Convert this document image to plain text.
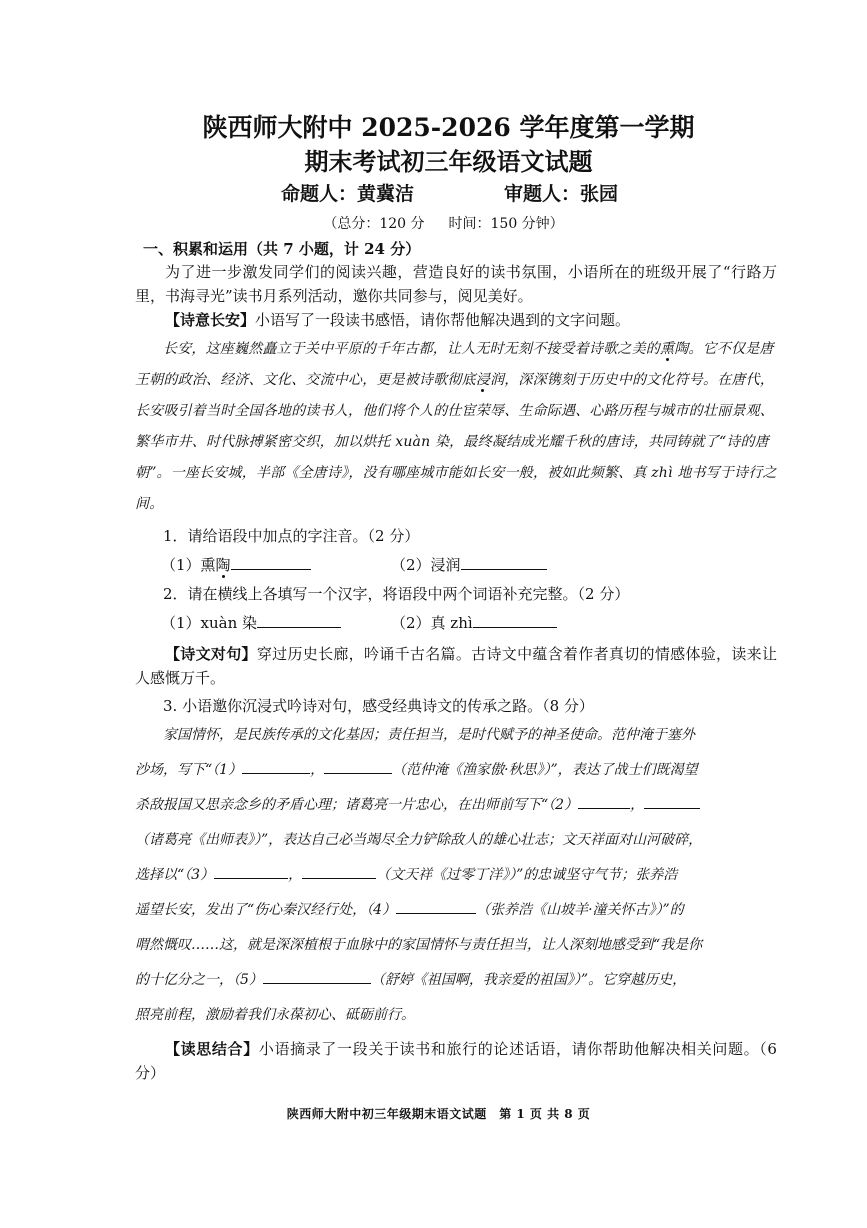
陕西师大附中 2025-2026 学年度第一学期
期末考试初三年级语文试题
命题人：黄冀洁	审题人：张园
（总分：120 分 时间：150 分钟）
一、积累和运用（共 7 小题，计 24 分）

为了进一步激发同学们的阅读兴趣，营造良好的读书氛围，小语所在的班级开展了“行路万里，书海寻光”读书月系列活动，邀你共同参与，阅见美好。

【诗意长安】小语写了一段读书感悟，请你帮他解决遇到的文字问题。

长安，这座巍然矗立于关中平原的千年古都，让人无时无刻不接受着诗歌之美的熏陶。它不仅是唐王朝的政治、经济、文化、交流中心，更是被诗歌彻底浸润，深深镌刻于历史中的文化符号。在唐代，长安吸引着当时全国各地的读书人，他们将个人的仕宦荣辱、生命际遇、心路历程与城市的壮丽景观、繁华市井、时代脉搏紧密交织，加以烘托 xuàn 染，最终凝结成光耀千秋的唐诗，共同铸就了“诗的唐朝”。一座长安城，半部《全唐诗》，没有哪座城市能如长安一般，被如此频繁、真 zhì 地书写于诗行之间。

1．请给语段中加点的字注音。（2 分）
（1）熏陶	（2）浸润
2．请在横线上各填写一个汉字，将语段中两个词语补充完整。（2 分）
（1）xuàn 染	（2）真 zhì

【诗文对句】穿过历史长廊，吟诵千古名篇。古诗文中蕴含着作者真切的情感体验，读来让人感慨万千。

3. 小语邀你沉浸式吟诗对句，感受经典诗文的传承之路。（8 分）
家国情怀，是民族传承的文化基因；责任担当，是时代赋予的神圣使命。范仲淹于塞外
沙场，写下“（1）	，	（范仲淹《渔家傲·秋思》）”，表达了战士们既渴望
杀敌报国又思亲念乡的矛盾心理；诸葛亮一片忠心，在出师前写下“（2）	，
（诸葛亮《出师表》）”，表达自己必当竭尽全力铲除敌人的雄心壮志；文天祥面对山河破碎，
选择以“（3）	，	（文天祥《过零丁洋》）”的忠诚坚守气节；张养浩
遥望长安，发出了“伤心秦汉经行处，（4）	（张养浩《山坡羊·潼关怀古》）”的
喟然慨叹……这，就是深深植根于血脉中的家国情怀与责任担当，让人深刻地感受到“我是你
的十亿分之一，（5）	（舒婷《祖国啊，我亲爱的祖国》）”。它穿越历史，
照亮前程，激励着我们永葆初心、砥砺前行。

【读思结合】小语摘录了一段关于读书和旅行的论述话语，请你帮助他解决相关问题。（6 分）

陕西师大附中初三年级期末语文试题　第 1 页 共 8 页
